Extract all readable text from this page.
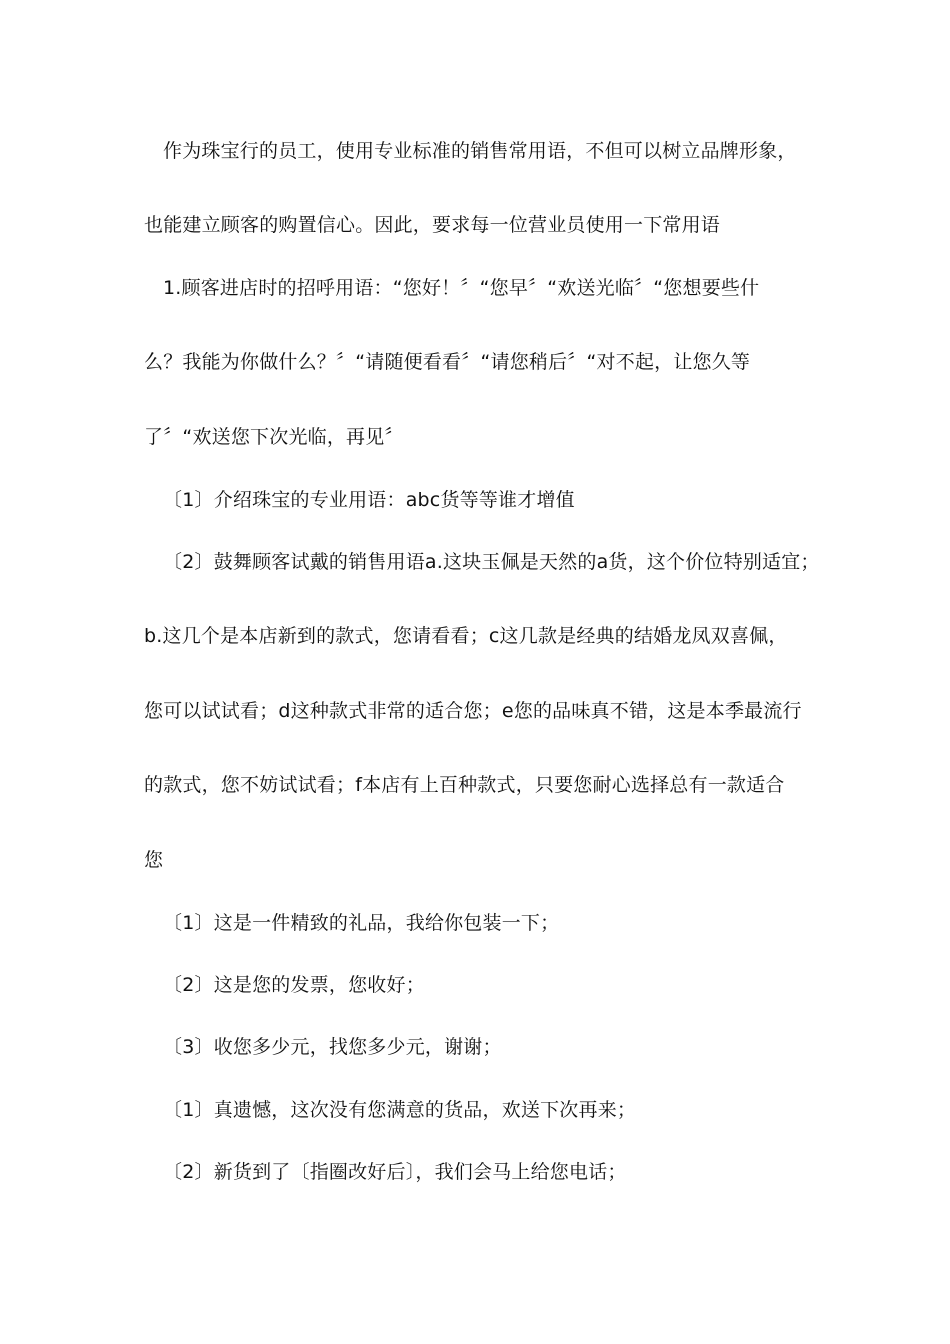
作为珠宝行的员工，使用专业标准的销售常用语，不但可以树立品牌形象，
也能建立顾客的购置信心。因此，要求每一位营业员使用一下常用语
1.顾客进店时的招呼用语：“您好！〞“您早〞“欢送光临〞“您想要些什
么？我能为你做什么？〞“请随便看看〞“请您稍后〞“对不起，让您久等
了〞“欢送您下次光临，再见〞
〔1〕介绍珠宝的专业用语：abc货等等谁才增值
〔2〕鼓舞顾客试戴的销售用语a.这块玉佩是天然的a货，这个价位特别适宜；
b.这几个是本店新到的款式，您请看看；c这几款是经典的结婚龙凤双喜佩，
您可以试试看；d这种款式非常的适合您；e您的品味真不错，这是本季最流行
的款式，您不妨试试看；f本店有上百种款式，只要您耐心选择总有一款适合
您
〔1〕这是一件精致的礼品，我给你包装一下；
〔2〕这是您的发票，您收好；
〔3〕收您多少元，找您多少元，谢谢；
〔1〕真遗憾，这次没有您满意的货品，欢送下次再来；
〔2〕新货到了〔指圈改好后〕，我们会马上给您电话；
